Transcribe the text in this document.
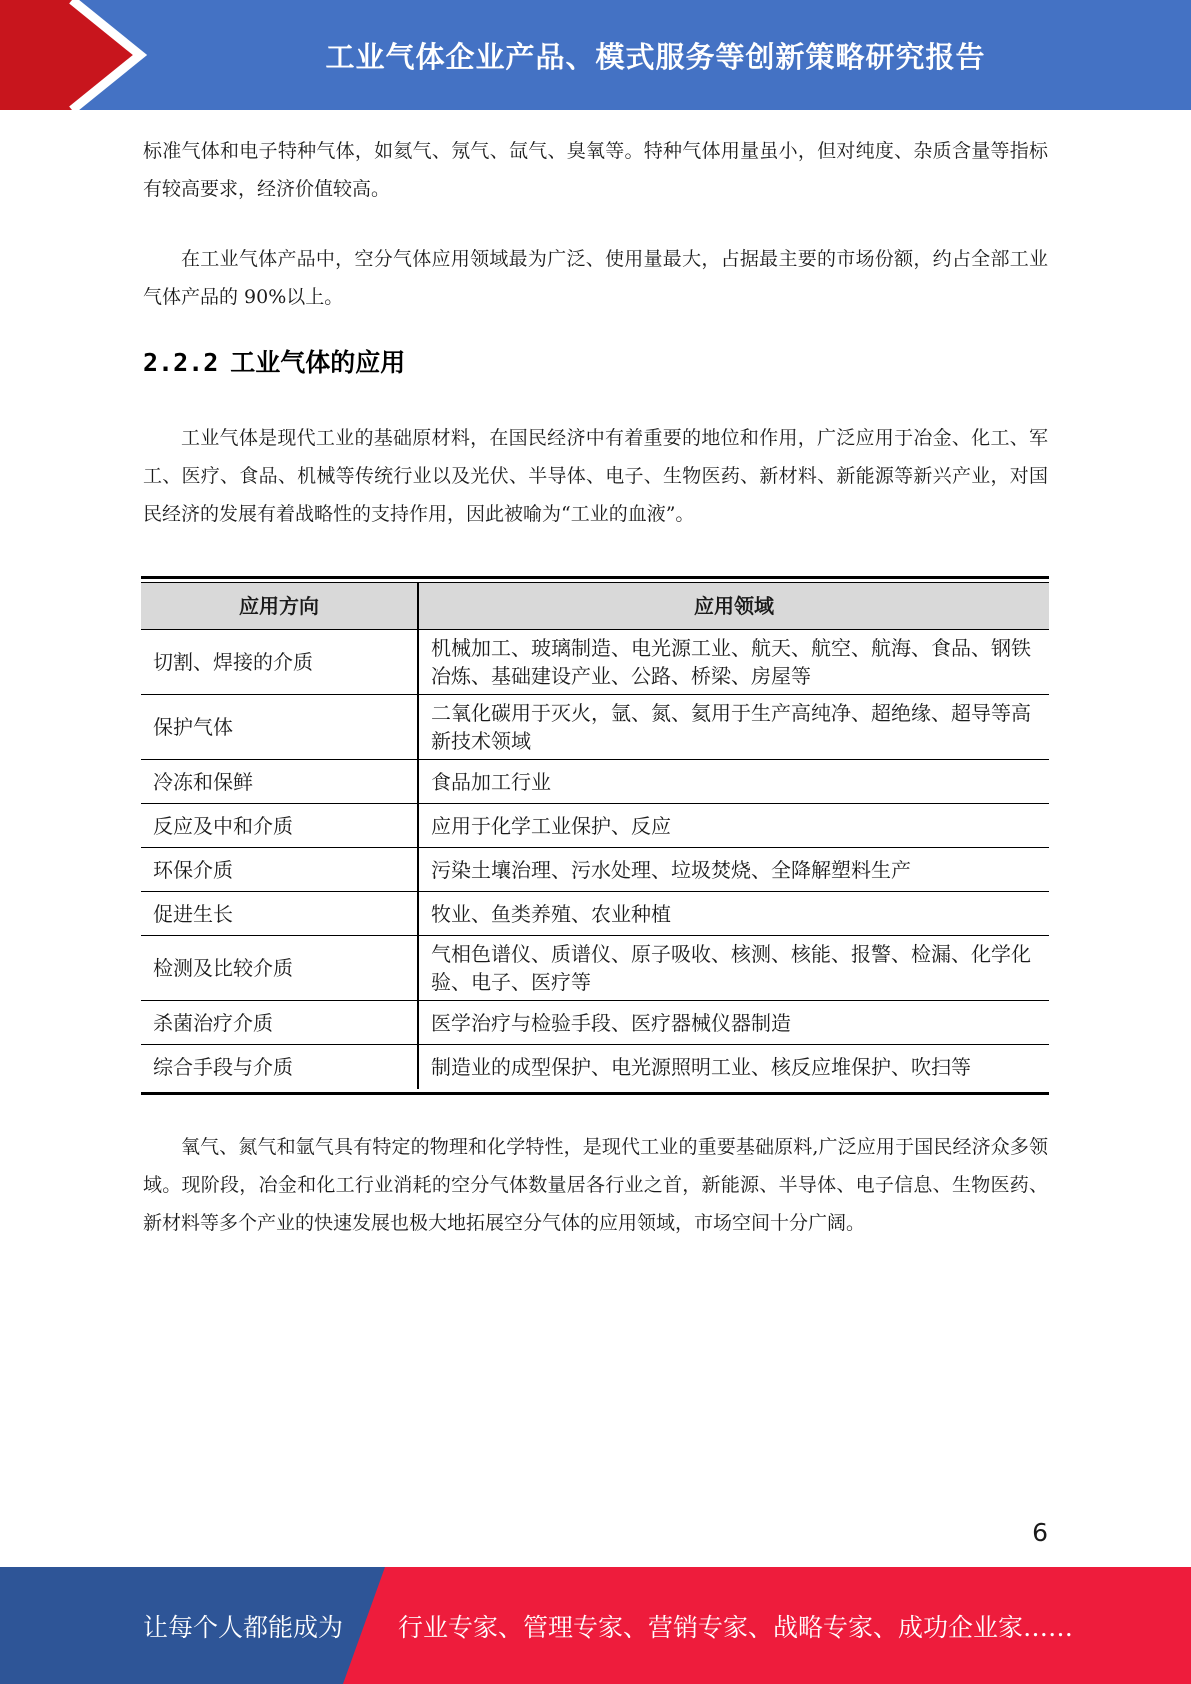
工业气体企业产品、模式服务等创新策略研究报告

标准气体和电子特种气体，如氦气、氖气、氙气、臭氧等。特种气体用量虽小，但对纯度、杂质含量等指标有较高要求，经济价值较高。

在工业气体产品中，空分气体应用领域最为广泛、使用量最大，占据最主要的市场份额，约占全部工业气体产品的 90%以上。

2.2.2 工业气体的应用

工业气体是现代工业的基础原材料，在国民经济中有着重要的地位和作用，广泛应用于冶金、化工、军工、医疗、食品、机械等传统行业以及光伏、半导体、电子、生物医药、新材料、新能源等新兴产业，对国民经济的发展有着战略性的支持作用，因此被喻为“工业的血液”。

应用方向	应用领域
切割、焊接的介质	机械加工、玻璃制造、电光源工业、航天、航空、航海、食品、钢铁冶炼、基础建设产业、公路、桥梁、房屋等
保护气体	二氧化碳用于灭火，氩、氮、氦用于生产高纯净、超绝缘、超导等高新技术领域
冷冻和保鲜	食品加工行业
反应及中和介质	应用于化学工业保护、反应
环保介质	污染土壤治理、污水处理、垃圾焚烧、全降解塑料生产
促进生长	牧业、鱼类养殖、农业种植
检测及比较介质	气相色谱仪、质谱仪、原子吸收、核测、核能、报警、检漏、化学化验、电子、医疗等
杀菌治疗介质	医学治疗与检验手段、医疗器械仪器制造
综合手段与介质	制造业的成型保护、电光源照明工业、核反应堆保护、吹扫等

氧气、氮气和氩气具有特定的物理和化学特性，是现代工业的重要基础原料,广泛应用于国民经济众多领域。现阶段，冶金和化工行业消耗的空分气体数量居各行业之首，新能源、半导体、电子信息、生物医药、新材料等多个产业的快速发展也极大地拓展空分气体的应用领域，市场空间十分广阔。

6
让每个人都能成为 行业专家、管理专家、营销专家、战略专家、成功企业家……
